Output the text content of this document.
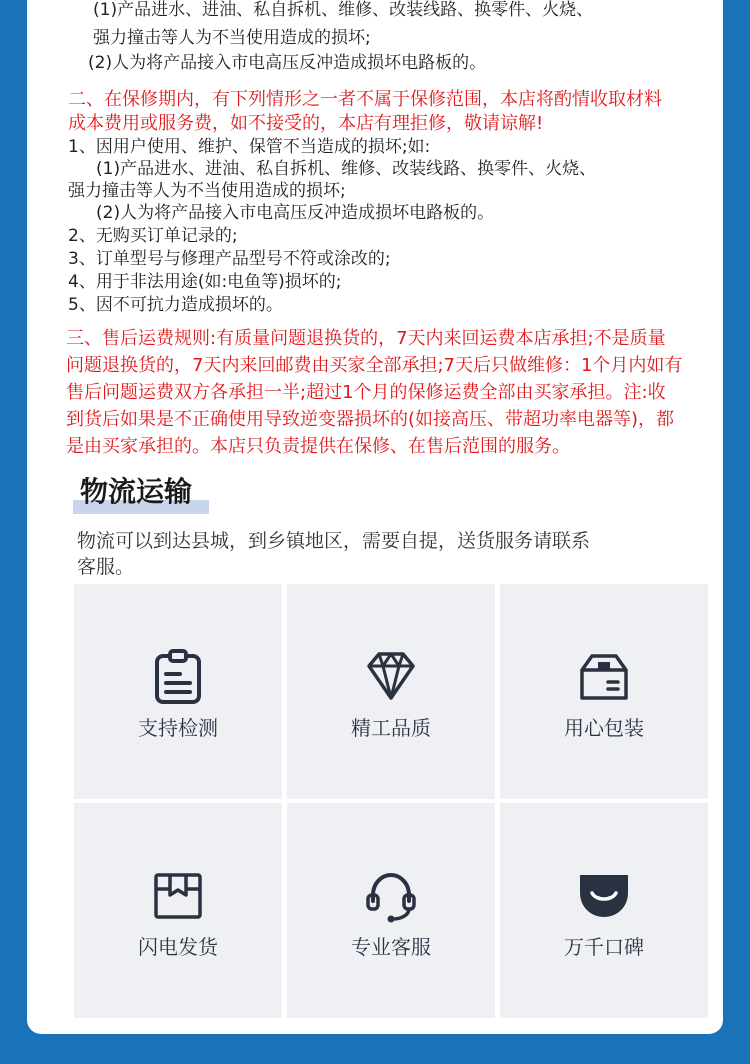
(1)产品进水、进油、私自拆机、维修、改装线路、换零件、火烧、
强力撞击等人为不当使用造成的损坏;
(2)人为将产品接入市电高压反冲造成损坏电路板的。
二、在保修期内，有下列情形之一者不属于保修范围，本店将酌情收取材料
成本费用或服务费，如不接受的，本店有理拒修，敬请谅解!
1、因用户使用、维护、保管不当造成的损坏;如:
(1)产品进水、进油、私自拆机、维修、改装线路、换零件、火烧、
强力撞击等人为不当使用造成的损坏;
(2)人为将产品接入市电高压反冲造成损坏电路板的。
2、无购买订单记录的;
3、订单型号与修理产品型号不符或涂改的;
4、用于非法用途(如:电鱼等)损坏的;
5、因不可抗力造成损坏的。
三、售后运费规则:有质量问题退换货的，7天内来回运费本店承担;不是质量
问题退换货的，7天内来回邮费由买家全部承担;7天后只做维修：1个月内如有
售后问题运费双方各承担一半;超过1个月的保修运费全部由买家承担。注:收
到货后如果是不正确使用导致逆变器损坏的(如接高压、带超功率电器等)，都
是由买家承担的。本店只负责提供在保修、在售后范围的服务。
物流运输
物流可以到达县城，到乡镇地区，需要自提，送货服务请联系
客服。
支持检测	精工品质	用心包装
闪电发货	专业客服	万千口碑
